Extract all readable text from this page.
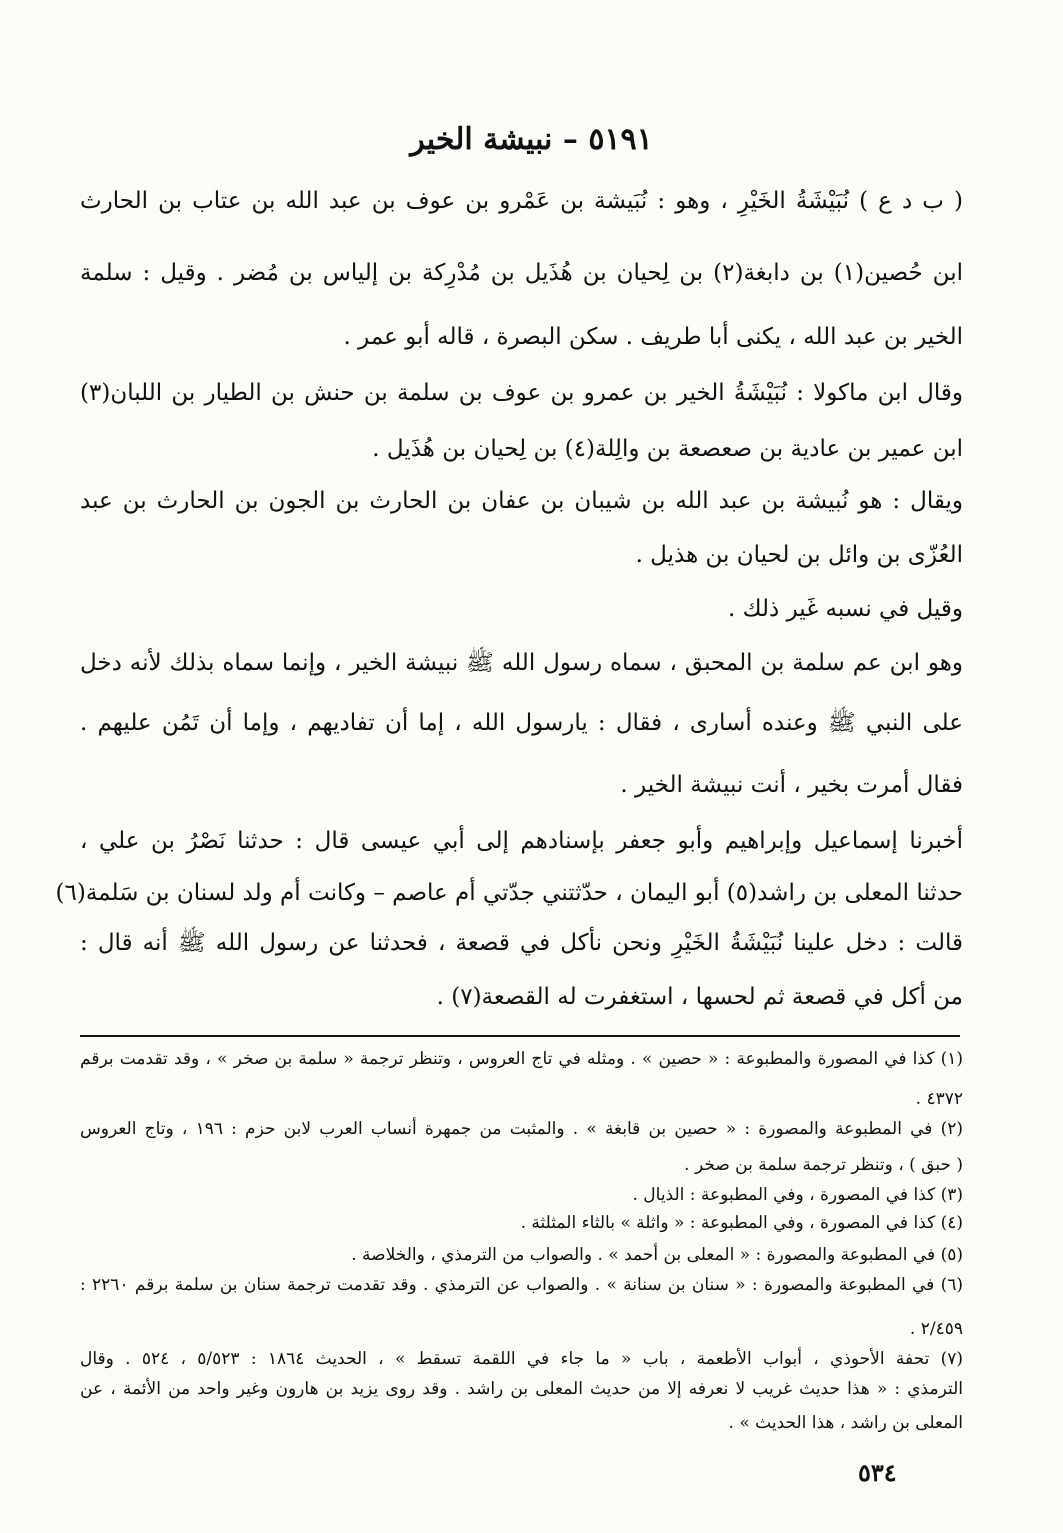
٥١٩١ – نبيشة الخير
( ب د ع ) نُبَيْشَةُ الخَيْرِ ، وهو : نُبَيشة بن عَمْرو بن عوف بن عبد الله بن عتاب بن الحارث
ابن حُصين(١) بن دابغة(٢) بن لِحيان بن هُذَيل بن مُدْرِكة بن إلياس بن مُضر . وقيل : سلمة
الخير بن عبد الله ، يكنى أبا طريف . سكن البصرة ، قاله أبو عمر .
وقال ابن ماكولا : نُبَيْشَةُ الخير بن عمرو بن عوف بن سلمة بن حنش بن الطيار بن اللبان(٣)
ابن عمير بن عادية بن صعصعة بن والِلة(٤) بن لِحيان بن هُذَيل .
ويقال : هو نُبيشة بن عبد الله بن شيبان بن عفان بن الحارث بن الجون بن الحارث بن عبد
العُزّى بن وائل بن لحيان بن هذيل .
وقيل في نسبه غَير ذلك .
وهو ابن عم سلمة بن المحبق ، سماه رسول الله ﷺ نبيشة الخير ، وإنما سماه بذلك لأنه دخل
على النبي ﷺ وعنده أسارى ، فقال : يارسول الله ، إما أن تفاديهم ، وإما أن تَمُن عليهم .
فقال أمرت بخير ، أنت نبيشة الخير .
أخبرنا إسماعيل وإبراهيم وأبو جعفر بإسنادهم إلى أبي عيسى قال : حدثنا نَصْرُ بن علي ،
حدثنا المعلى بن راشد(٥) أبو اليمان ، حدّثتني جدّتي أم عاصم – وكانت أم ولد لسنان بن سَلمة(٦)
قالت : دخل علينا نُبَيْشَةُ الخَيْرِ ونحن نأكل في قصعة ، فحدثنا عن رسول الله ﷺ أنه قال :
من أكل في قصعة ثم لحسها ، استغفرت له القصعة(٧) .
(١) كذا في المصورة والمطبوعة : « حصين » . ومثله في تاج العروس ، وتنظر ترجمة « سلمة بن صخر » ، وقد تقدمت برقم
٤٣٧٢ .
(٢) في المطبوعة والمصورة : « حصين بن قابغة » . والمثبت من جمهرة أنساب العرب لابن حزم : ١٩٦ ، وتاج العروس
( حبق ) ، وتنظر ترجمة سلمة بن صخر .
(٣) كذا في المصورة ، وفي المطبوعة : الذيال .
(٤) كذا في المصورة ، وفي المطبوعة : « واثلة » بالثاء المثلثة .
(٥) في المطبوعة والمصورة : « المعلى بن أحمد » . والصواب من الترمذي ، والخلاصة .
(٦) في المطبوعة والمصورة : « سنان بن سنانة » . والصواب عن الترمذي . وقد تقدمت ترجمة سنان بن سلمة برقم ٢٢٦٠ :
٢/٤٥٩ .
(٧) تحفة الأحوذي ، أبواب الأطعمة ، باب « ما جاء في اللقمة تسقط » ، الحديث ١٨٦٤ : ٥/٥٢٣ ، ٥٢٤ . وقال
الترمذي : « هذا حديث غريب لا نعرفه إلا من حديث المعلى بن راشد . وقد روى يزيد بن هارون وغير واحد من الأئمة ، عن
المعلى بن راشد ، هذا الحديث » .
٥٣٤
